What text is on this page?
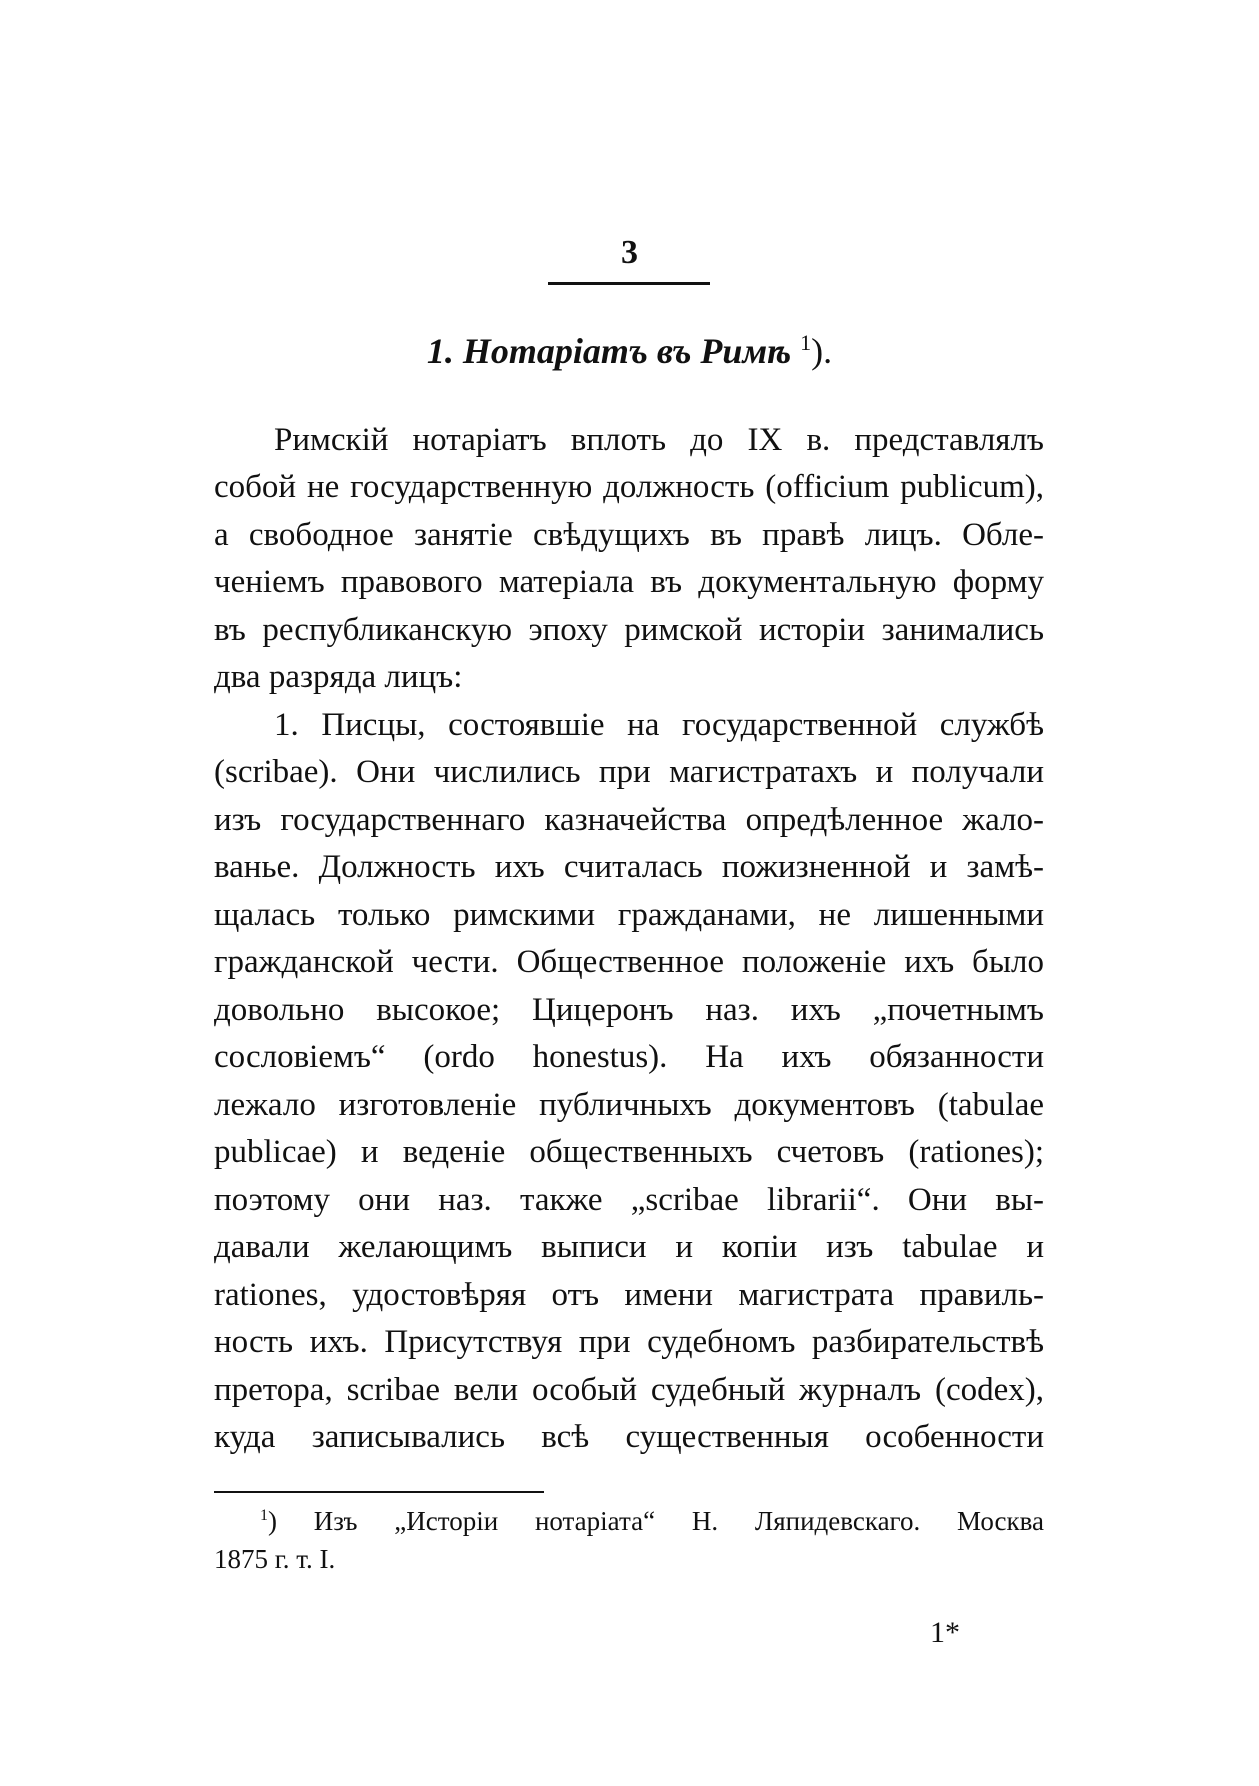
3
1. Нотаріатъ въ Римѣ $^1$).
Римскій нотаріатъ вплоть до IX в. представлялъ
собой не государственную должность (officium publicum),
а свободное занятіе свѣдущихъ въ правѣ лицъ. Обле-
ченіемъ правового матеріала въ документальную форму
въ республиканскую эпоху римской исторіи занимались
два разряда лицъ:
1. Писцы, состоявшіе на государственной службѣ
(scribae). Они числились при магистратахъ и получали
изъ государственнаго казначейства опредѣленное жало-
ванье. Должность ихъ считалась пожизненной и замѣ-
щалась только римскими гражданами, не лишенными
гражданской чести. Общественное положеніе ихъ было
довольно высокое; Цицеронъ наз. ихъ „почетнымъ
сословіемъ“ (ordo honestus). На ихъ обязанности
лежало изготовленіе публичныхъ документовъ (tabulae
publicae) и веденіе общественныхъ счетовъ (rationes);
поэтому они наз. также „scribae librarii“. Они вы-
давали желающимъ выписи и копіи изъ tabulae и
rationes, удостовѣряя отъ имени магистрата правиль-
ность ихъ. Присутствуя при судебномъ разбирательствѣ
претора, scribae вели особый судебный журналъ (codex),
куда записывались всѣ существенныя особенности
$^1$) Изъ „Исторіи нотаріата“ Н. Ляпидевскаго. Москва
1875 г. т. I.
1*
